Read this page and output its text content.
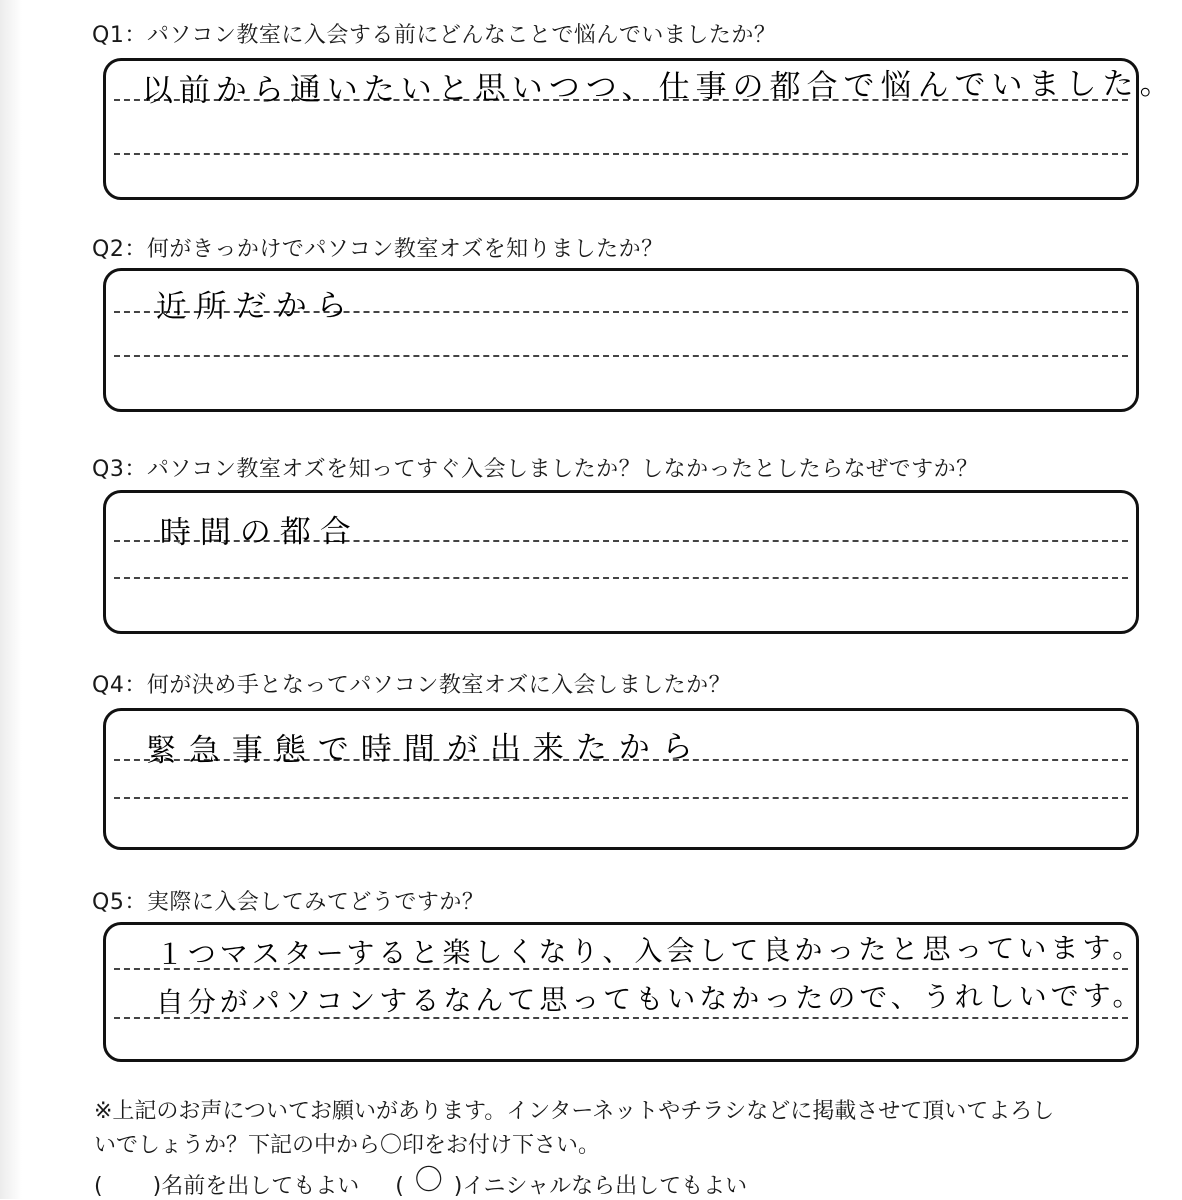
Q1：パソコン教室に入会する前にどんなことで悩んでいましたか？
以前から通いたいと思いつつ、仕事の都合で悩んでいました。
Q2：何がきっかけでパソコン教室オズを知りましたか？
近所だから
Q3：パソコン教室オズを知ってすぐ入会しましたか？しなかったとしたらなぜですか？
時間の都合
Q4：何が決め手となってパソコン教室オズに入会しましたか？
緊急事態で時間が出来たから
Q5：実際に入会してみてどうですか？
１つマスターすると楽しくなり、入会して良かったと思っています。
自分がパソコンするなんて思ってもいなかったので、うれしいです。
※上記のお声についてお願いがあります。インターネットやチラシなどに掲載させて頂いてよろし
いでしょうか？下記の中から〇印をお付け下さい。
( )名前を出してもよい ( 〇 )イニシャルなら出してもよい
